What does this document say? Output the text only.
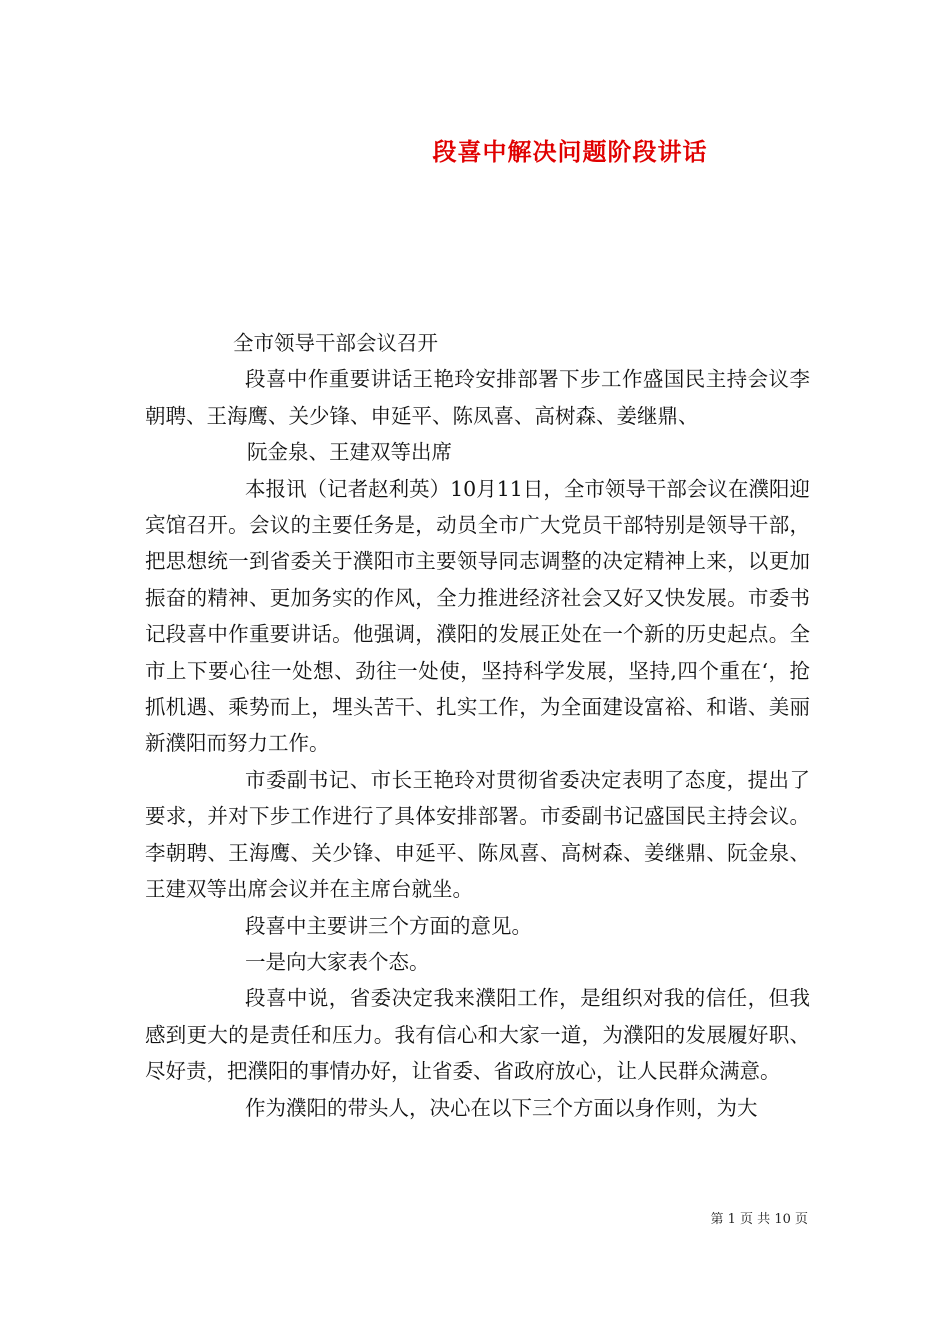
段喜中解决问题阶段讲话

全市领导干部会议召开

段喜中作重要讲话王艳玲安排部署下步工作盛国民主持会议李朝聘、王海鹰、关少锋、申延平、陈凤喜、高树森、姜继鼎、

阮金泉、王建双等出席

本报讯（记者赵利英）10月11日，全市领导干部会议在濮阳迎宾馆召开。会议的主要任务是，动员全市广大党员干部特别是领导干部，把思想统一到省委关于濮阳市主要领导同志调整的决定精神上来，以更加振奋的精神、更加务实的作风，全力推进经济社会又好又快发展。市委书记段喜中作重要讲话。他强调，濮阳的发展正处在一个新的历史起点。全市上下要心往一处想、劲往一处使，坚持科学发展，坚持,四个重在‘，抢抓机遇、乘势而上，埋头苦干、扎实工作，为全面建设富裕、和谐、美丽新濮阳而努力工作。

市委副书记、市长王艳玲对贯彻省委决定表明了态度，提出了要求，并对下步工作进行了具体安排部署。市委副书记盛国民主持会议。李朝聘、王海鹰、关少锋、申延平、陈凤喜、高树森、姜继鼎、阮金泉、王建双等出席会议并在主席台就坐。

段喜中主要讲三个方面的意见。

一是向大家表个态。

段喜中说，省委决定我来濮阳工作，是组织对我的信任，但我感到更大的是责任和压力。我有信心和大家一道，为濮阳的发展履好职、尽好责，把濮阳的事情办好，让省委、省政府放心，让人民群众满意。

作为濮阳的带头人，决心在以下三个方面以身作则，为大

第 1 页 共 10 页
